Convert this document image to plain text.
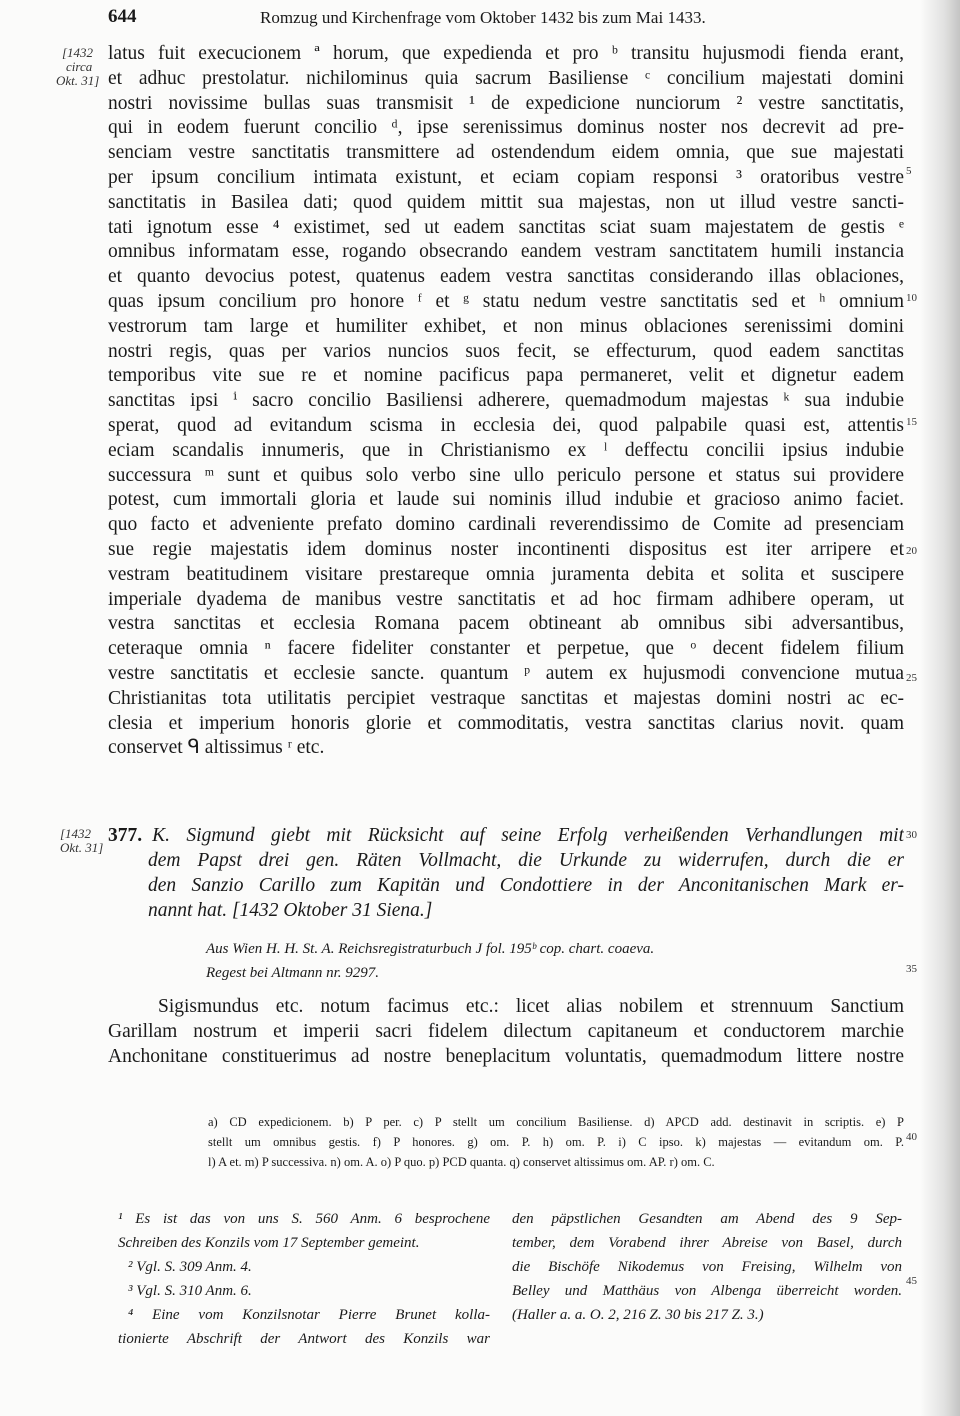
644	Romzug und Kirchenfrage vom Oktober 1432 bis zum Mai 1433.
[1432
circa
Okt. 31]
[1432
Okt. 31]
5
10
15
20
25
30
35
40
45
latus fuit execucionem ª horum, que expedienda et pro ᵇ transitu hujusmodi fienda erant,
et adhuc prestolatur. nichilominus quia sacrum Basiliense ᶜ concilium majestati domini
nostri novissime bullas suas transmisit ¹ de expedicione nunciorum ² vestre sanctitatis,
qui in eodem fuerunt concilio ᵈ, ipse serenissimus dominus noster nos decrevit ad pre-
senciam vestre sanctitatis transmittere ad ostendendum eidem omnia, que sue majestati
per ipsum concilium intimata existunt, et eciam copiam responsi ³ oratoribus vestre
sanctitatis in Basilea dati; quod quidem mittit sua majestas, non ut illud vestre sancti-
tati ignotum esse ⁴ existimet, sed ut eadem sanctitas sciat suam majestatem de gestis ᵉ
omnibus informatam esse, rogando obsecrando eandem vestram sanctitatem humili instancia
et quanto devocius potest, quatenus eadem vestra sanctitas considerando illas oblaciones,
quas ipsum concilium pro honore ᶠ et ᵍ statu nedum vestre sanctitatis sed et ʰ omnium
vestrorum tam large et humiliter exhibet, et non minus oblaciones serenissimi domini
nostri regis, quas per varios nuncios suos fecit, se effecturum, quod eadem sanctitas
temporibus vite sue re et nomine pacificus papa permaneret, velit et dignetur eadem
sanctitas ipsi ⁱ sacro concilio Basiliensi adherere, quemadmodum majestas ᵏ sua indubie
sperat, quod ad evitandum scisma in ecclesia dei, quod palpabile quasi est, attentis
eciam scandalis innumeris, que in Christianismo ex ˡ deffectu concilii ipsius indubie
successura ᵐ sunt et quibus solo verbo sine ullo periculo persone et status sui providere
potest, cum immortali gloria et laude sui nominis illud indubie et gracioso animo faciet.
quo facto et adveniente prefato domino cardinali reverendissimo de Comite ad presenciam
sue regie majestatis idem dominus noster incontinenti dispositus est iter arripere et
vestram beatitudinem visitare prestareque omnia juramenta debita et solita et suscipere
imperiale dyadema de manibus vestre sanctitatis et ad hoc firmam adhibere operam, ut
vestra sanctitas et ecclesia Romana pacem obtineant ab omnibus sibi adversantibus,
ceteraque omnia ⁿ facere fideliter constanter et perpetue, que ᵒ decent fidelem filium
vestre sanctitatis et ecclesie sancte. quantum ᵖ autem ex hujusmodi convencione mutua
Christianitas tota utilitatis percipiet vestraque sanctitas et majestas domini nostri ac ec-
clesia et imperium honoris glorie et commoditatis, vestra sanctitas clarius novit. quam
conservet ᑫ altissimus ʳ etc.
377. K. Sigmund giebt mit Rücksicht auf seine Erfolg verheißenden Verhandlungen mit
dem Papst drei gen. Räten Vollmacht, die Urkunde zu widerrufen, durch die er
den Sanzio Carillo zum Kapitän und Condottiere in der Anconitanischen Mark er-
nannt hat. [1432 Oktober 31 Siena.]
Aus Wien H. H. St. A. Reichsregistraturbuch J fol. 195ᵇ cop. chart. coaeva.
Regest bei Altmann nr. 9297.
Sigismundus etc. notum facimus etc.: licet alias nobilem et strennuum Sanctium
Garillam nostrum et imperii sacri fidelem dilectum capitaneum et conductorem marchie
Anchonitane constituerimus ad nostre beneplacitum voluntatis, quemadmodum littere nostre
a) CD expedicionem. b) P per. c) P stellt um concilium Basiliense. d) APCD add. destinavit in scriptis. e) P
stellt um omnibus gestis. f) P honores. g) om. P. h) om. P. i) C ipso. k) majestas — evitandum om. P.
l) A et. m) P successiva. n) om. A. o) P quo. p) PCD quanta. q) conservet altissimus om. AP. r) om. C.
¹ Es ist das von uns S. 560 Anm. 6 besprochene
Schreiben des Konzils vom 17 September gemeint.
² Vgl. S. 309 Anm. 4.
³ Vgl. S. 310 Anm. 6.
⁴ Eine vom Konzilsnotar Pierre Brunet kolla-
tionierte Abschrift der Antwort des Konzils war
den päpstlichen Gesandten am Abend des 9 Sep-
tember, dem Vorabend ihrer Abreise von Basel, durch
die Bischöfe Nikodemus von Freising, Wilhelm von
Belley und Matthäus von Albenga überreicht worden.
(Haller a. a. O. 2, 216 Z. 30 bis 217 Z. 3.)
